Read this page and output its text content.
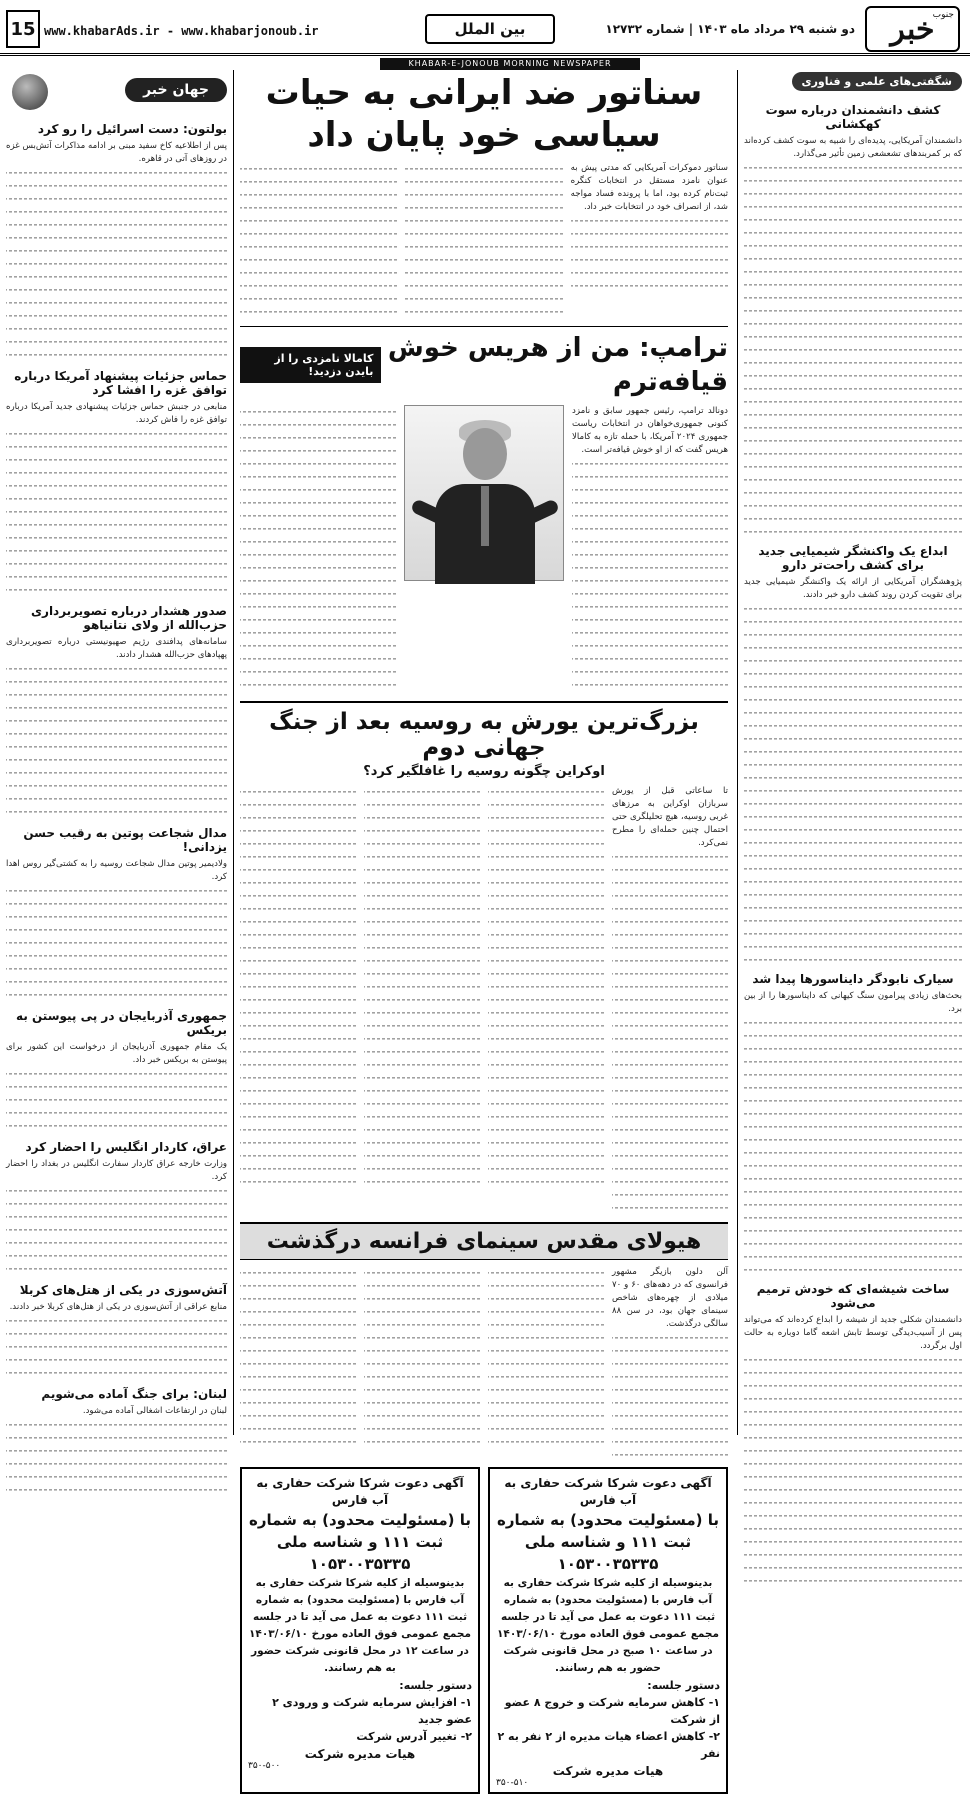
جنوب
خبر
دو شنبه ۲۹ مرداد ماه ۱۴۰۳ | شماره ۱۲۷۳۲
بین الملل
www.khabarAds.ir - www.khabarjonoub.ir
15
KHABAR-E-JONOUB MORNING NEWSPAPER
شگفتی‌های علمی و فناوری
کشف دانشمندان درباره سوت کهکشانی
دانشمندان آمریکایی، پدیده‌ای را شبیه به سوت کشف کرده‌اند که بر کمربندهای تشعشعی زمین تأثیر می‌گذارد.
ابداع یک واکنشگر شیمیایی جدید برای کشف راحت‌تر دارو
پژوهشگران آمریکایی از ارائه یک واکنشگر شیمیایی جدید برای تقویت کردن روند کشف دارو خبر دادند.
سیارک نابودگر دایناسورها پیدا شد
بحث‌های زیادی پیرامون سنگ کیهانی که دایناسورها را از بین برد.
ساخت شیشه‌ای که خودش ترمیم می‌شود
دانشمندان شکلی جدید از شیشه را ابداع کرده‌اند که می‌تواند پس از آسیب‌دیدگی توسط تابش اشعه گاما دوباره به حالت اول برگردد.
جهان خبر
بولتون: دست اسرائیل را رو کرد
پس از اطلاعیه کاخ سفید مبنی بر ادامه مذاکرات آتش‌بس غزه در روزهای آتی در قاهره.
حماس جزئیات پیشنهاد آمریکا درباره توافق غزه را افشا کرد
منابعی در جنبش حماس جزئیات پیشنهادی جدید آمریکا درباره توافق غزه را فاش کردند.
صدور هشدار درباره تصویربرداری حزب‌الله از ولای نتانیاهو
سامانه‌های پدافندی رژیم صهیونیستی درباره تصویربرداری پهپادهای حزب‌الله هشدار دادند.
مدال شجاعت پوتین به رقیب حسن یزدانی!
ولادیمیر پوتین مدال شجاعت روسیه را به کشتی‌گیر روس اهدا کرد.
جمهوری آذربایجان در پی پیوستن به بریکس
یک مقام جمهوری آذربایجان از درخواست این کشور برای پیوستن به بریکس خبر داد.
عراق، کاردار انگلیس را احضار کرد
وزارت خارجه عراق کاردار سفارت انگلیس در بغداد را احضار کرد.
آتش‌سوزی در یکی از هتل‌های کربلا
منابع عراقی از آتش‌سوزی در یکی از هتل‌های کربلا خبر دادند.
لبنان: برای جنگ آماده می‌شویم
لبنان در ارتفاعات اشغالی آماده می‌شود.
سناتور ضد ایرانی به حیات سیاسی خود پایان داد
سناتور دموکرات آمریکایی که مدتی پیش به عنوان نامزد مستقل در انتخابات کنگره ثبت‌نام کرده بود، اما با پرونده فساد مواجه شد، از انصراف خود در انتخابات خبر داد.
ترامپ: من از هریس خوش قیافه‌ترم
کامالا نامزدی را از بایدن دزدید!
دونالد ترامپ، رئیس جمهور سابق و نامزد کنونی جمهوری‌خواهان در انتخابات ریاست جمهوری ۲۰۲۴ آمریکا، با حمله تازه به کامالا هریس گفت که از او خوش قیافه‌تر است.
بزرگ‌ترین یورش به روسیه بعد از جنگ جهانی دوم
اوکراین چگونه روسیه را غافلگیر کرد؟
تا ساعاتی قبل از یورش سربازان اوکراین به مرزهای غربی روسیه، هیچ تحلیلگری حتی احتمال چنین حمله‌ای را مطرح نمی‌کرد.
هیولای مقدس سینمای فرانسه درگذشت
آلن دلون بازیگر مشهور فرانسوی که در دهه‌های ۶۰ و ۷۰ میلادی از چهره‌های شاخص سینمای جهان بود، در سن ۸۸ سالگی درگذشت.
آگهی دعوت شرکا شرکت حفاری به آب فارس
با (مسئولیت محدود) به شماره ثبت ۱۱۱ و شناسه ملی ۱۰۵۳۰۰۳۵۳۳۵
بدینوسیله از کلیه شرکا شرکت حفاری به آب فارس با (مسئولیت محدود) به شماره ثبت ۱۱۱ دعوت به عمل می آید تا در جلسه مجمع عمومی فوق العاده مورخ ۱۴۰۳/۰۶/۱۰ در ساعت ۱۰ صبح در محل قانونی شرکت حضور به هم رسانند.
دستور جلسه:
۱- کاهش سرمایه شرکت و خروج ۸ عضو از شرکت
۲- کاهش اعضاء هیات مدیره از ۲ نفر به ۲ نفر
هیات مدیره شرکت
۳۵۰-۵۱۰
آگهی دعوت شرکا شرکت حفاری به آب فارس
با (مسئولیت محدود) به شماره ثبت ۱۱۱ و شناسه ملی ۱۰۵۳۰۰۳۵۳۳۵
بدینوسیله از کلیه شرکا شرکت حفاری به آب فارس با (مسئولیت محدود) به شماره ثبت ۱۱۱ دعوت به عمل می آید تا در جلسه مجمع عمومی فوق العاده مورخ ۱۴۰۳/۰۶/۱۰ در ساعت ۱۲ در محل قانونی شرکت حضور به هم رسانند.
دستور جلسه:
۱- افزایش سرمایه شرکت و ورودی ۲ عضو جدید
۲- تغییر آدرس شرکت
هیات مدیره شرکت
۳۵۰-۵۰۰
